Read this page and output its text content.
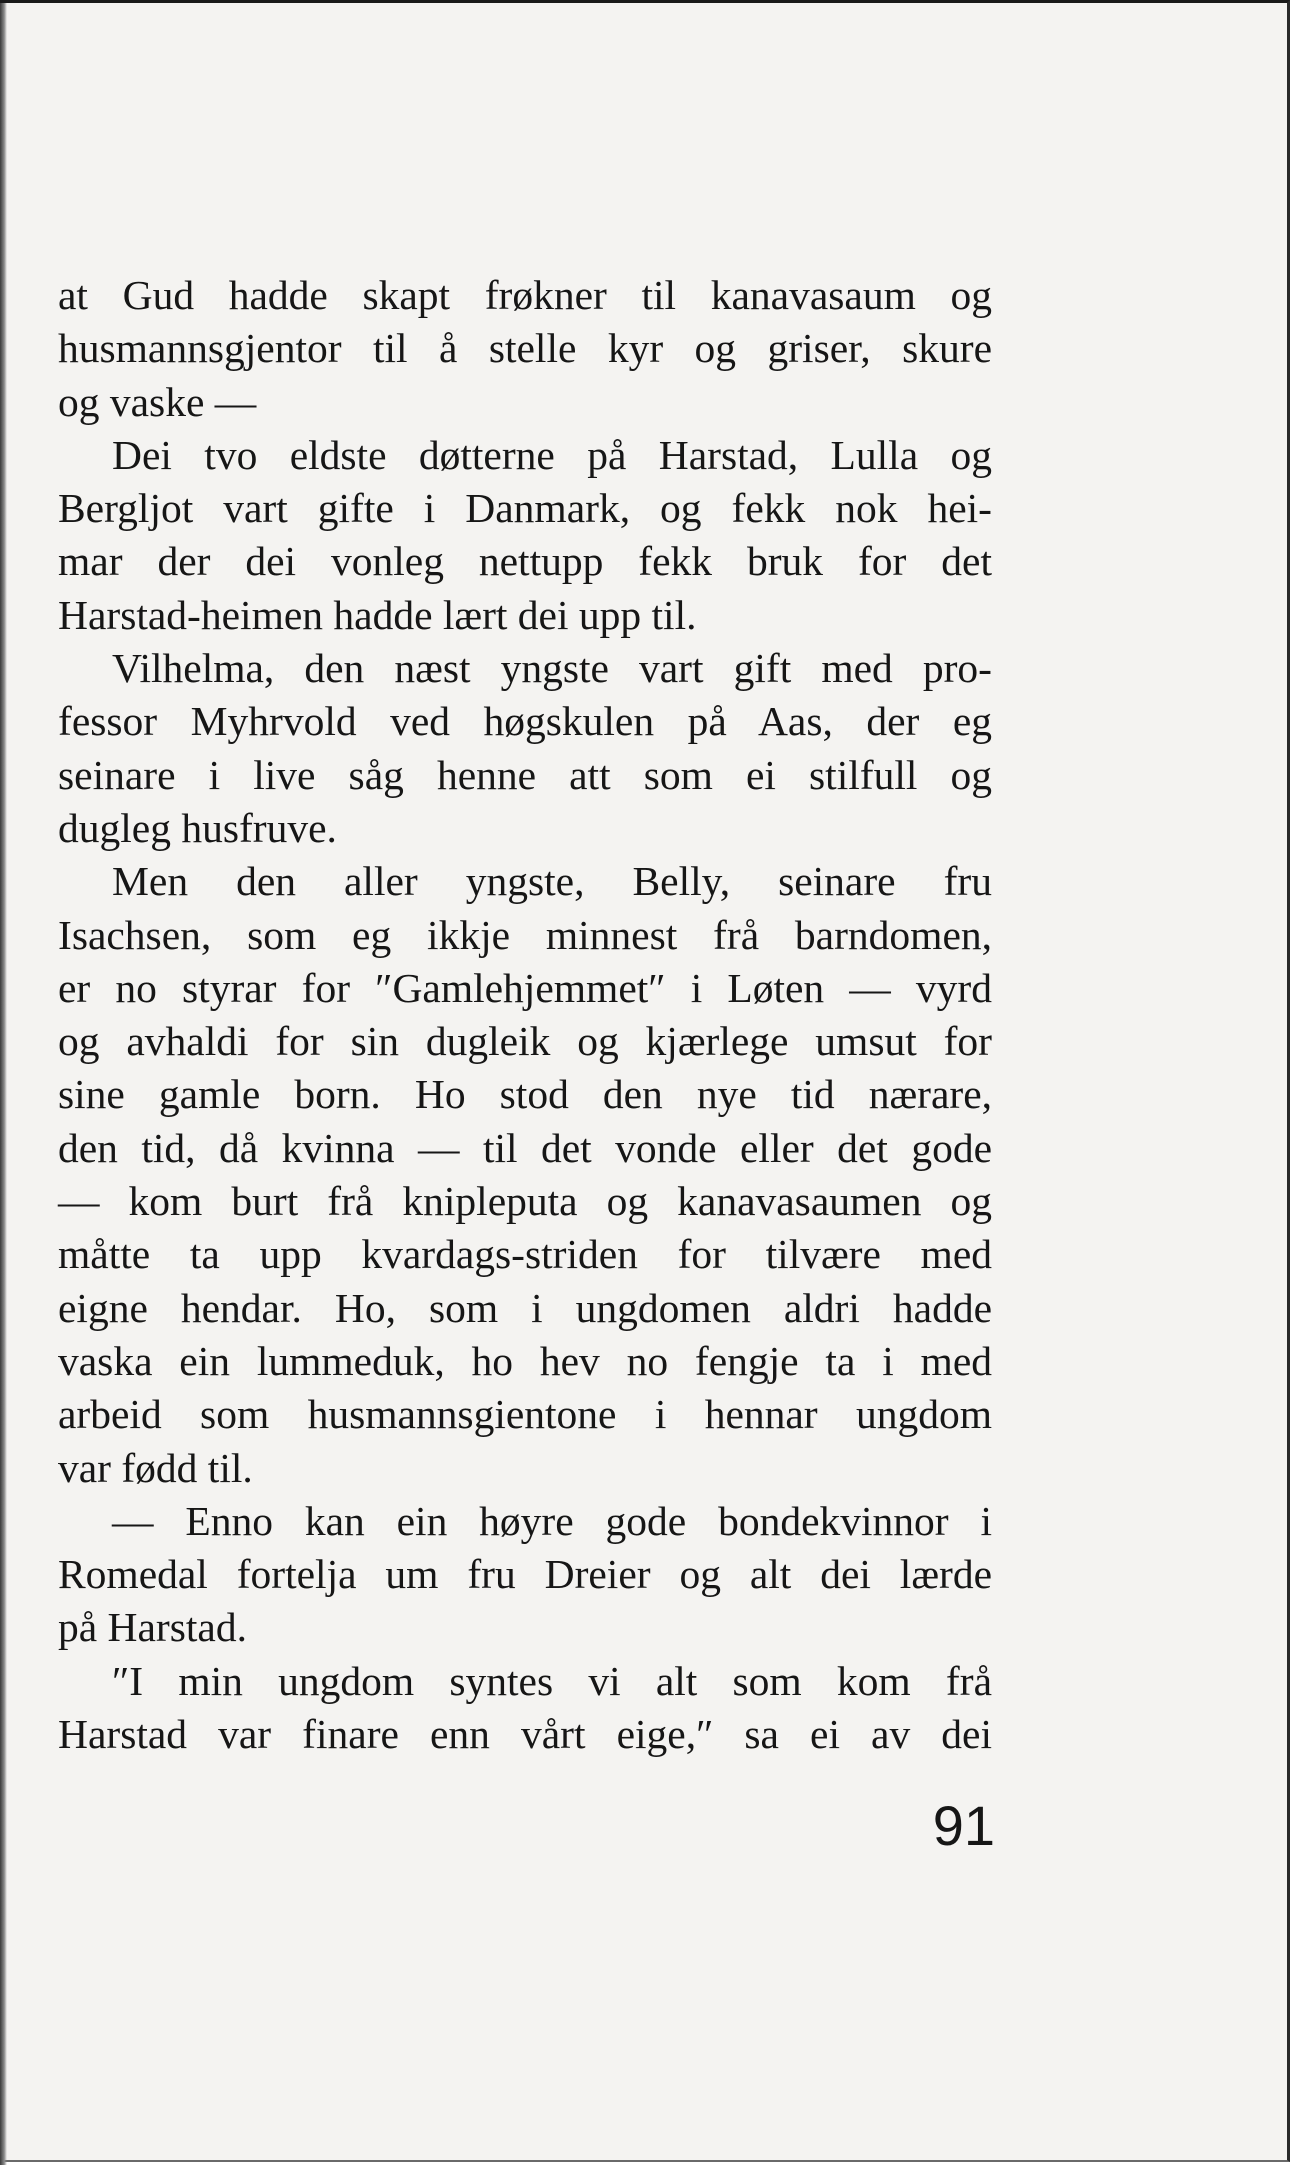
at Gud hadde skapt frøkner til kanavasaum og
husmannsgjentor til å stelle kyr og griser, skure
og vaske —
Dei tvo eldste døtterne på Harstad, Lulla og
Bergljot vart gifte i Danmark, og fekk nok hei-
mar der dei vonleg nettupp fekk bruk for det
Harstad-heimen hadde lært dei upp til.
Vilhelma, den næst yngste vart gift med pro-
fessor Myhrvold ved høgskulen på Aas, der eg
seinare i live såg henne att som ei stilfull og
dugleg husfruve.
Men den aller yngste, Belly, seinare fru
Isachsen, som eg ikkje minnest frå barndomen,
er no styrar for ″Gamlehjemmet″ i Løten — vyrd
og avhaldi for sin dugleik og kjærlege umsut for
sine gamle born. Ho stod den nye tid nærare,
den tid, då kvinna — til det vonde eller det gode
— kom burt frå knipleputa og kanavasaumen og
måtte ta upp kvardags-striden for tilvære med
eigne hendar. Ho, som i ungdomen aldri hadde
vaska ein lummeduk, ho hev no fengje ta i med
arbeid som husmannsgientone i hennar ungdom
var fødd til.
— Enno kan ein høyre gode bondekvinnor i
Romedal fortelja um fru Dreier og alt dei lærde
på Harstad.
″I min ungdom syntes vi alt som kom frå
Harstad var finare enn vårt eige,″ sa ei av dei
91
